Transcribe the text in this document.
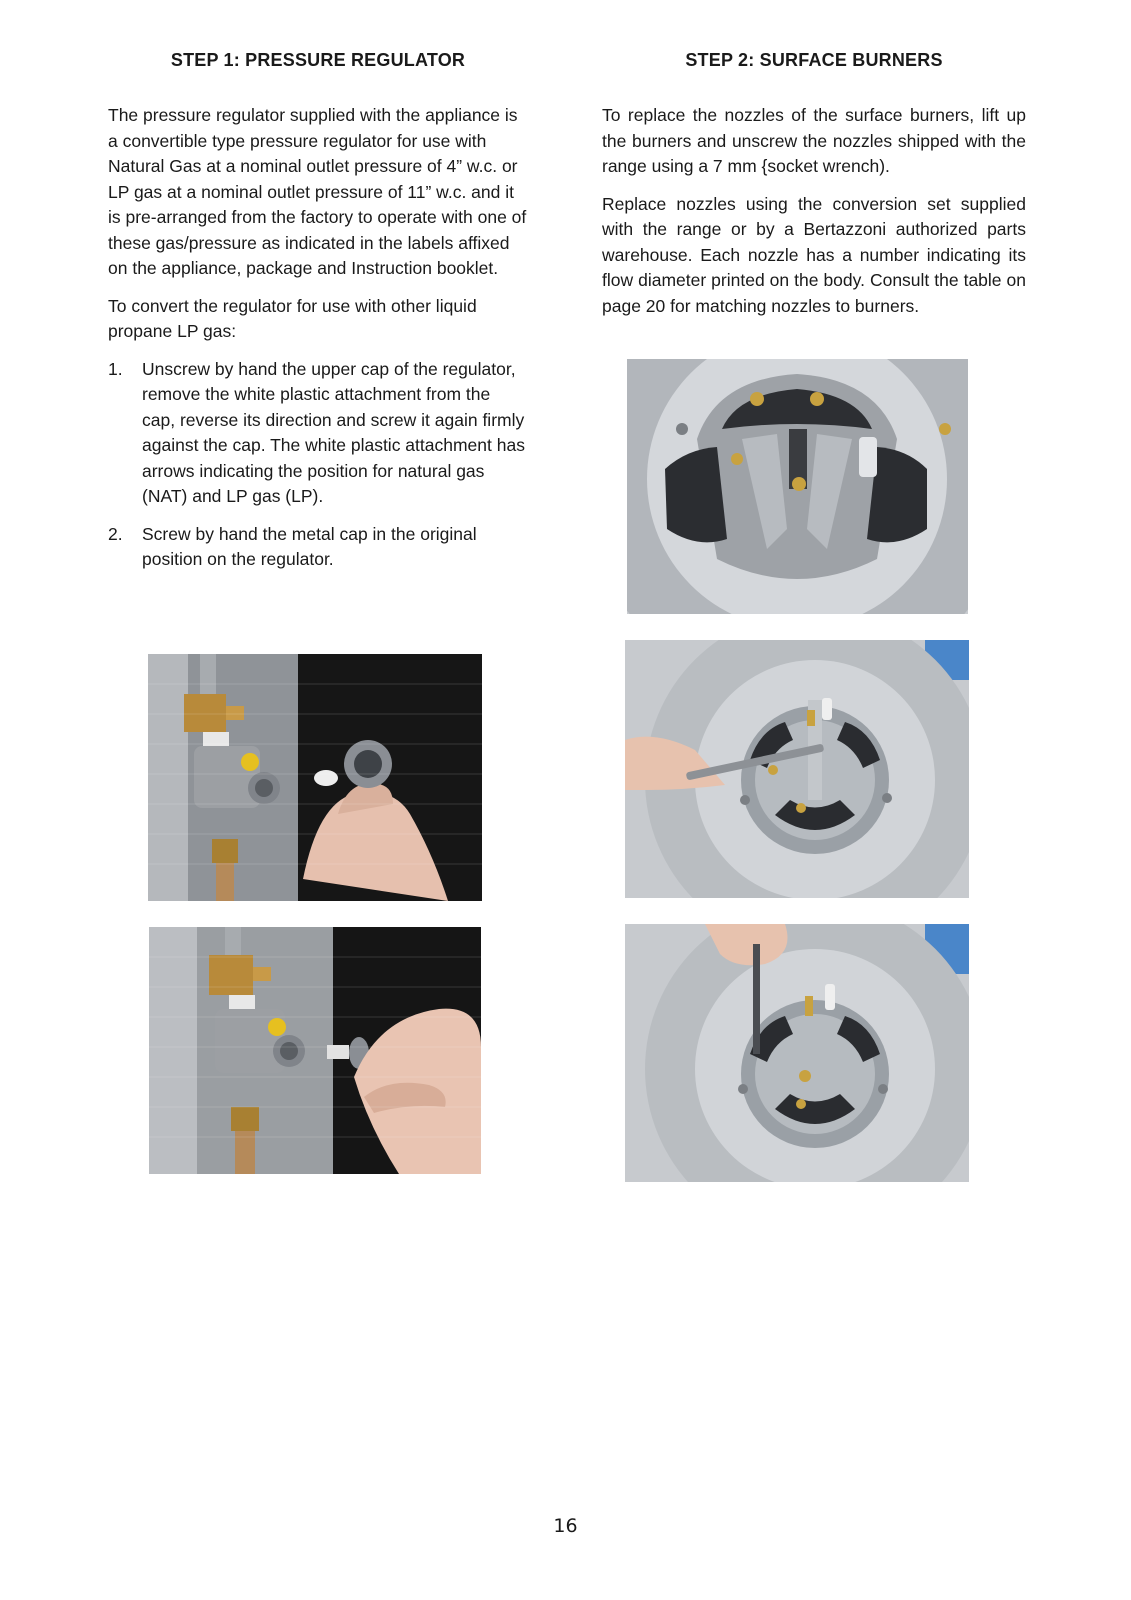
STEP 1: PRESSURE REGULATOR

The pressure regulator supplied with the appliance is a convertible type pressure regulator for use with Natural Gas at a nominal outlet pressure of 4” w.c. or LP gas at a nominal outlet pressure of 11” w.c. and it is pre-arranged from the factory to operate with one of these gas/pressure as indicated in the labels affixed on the appliance, package and Instruction booklet.

To convert the regulator for use with other liquid propane LP gas:

1. Unscrew by hand the upper cap of the regulator, remove the white plastic attachment from the cap, reverse its direction and screw it again firmly against the cap. The white plastic attachment has arrows indicating the position for natural gas (NAT) and LP gas (LP).
2. Screw by hand the metal cap in the original position on the regulator.
STEP 2: SURFACE BURNERS

To replace the nozzles of the surface burners, lift up the burners and unscrew the nozzles shipped with the range using a 7 mm {socket wrench).

Replace nozzles using the conversion set supplied with the range or by a Bertazzoni authorized parts warehouse. Each nozzle has a number indicating its flow diameter printed on the body. Consult the table on page 20 for matching nozzles to burners.

16
